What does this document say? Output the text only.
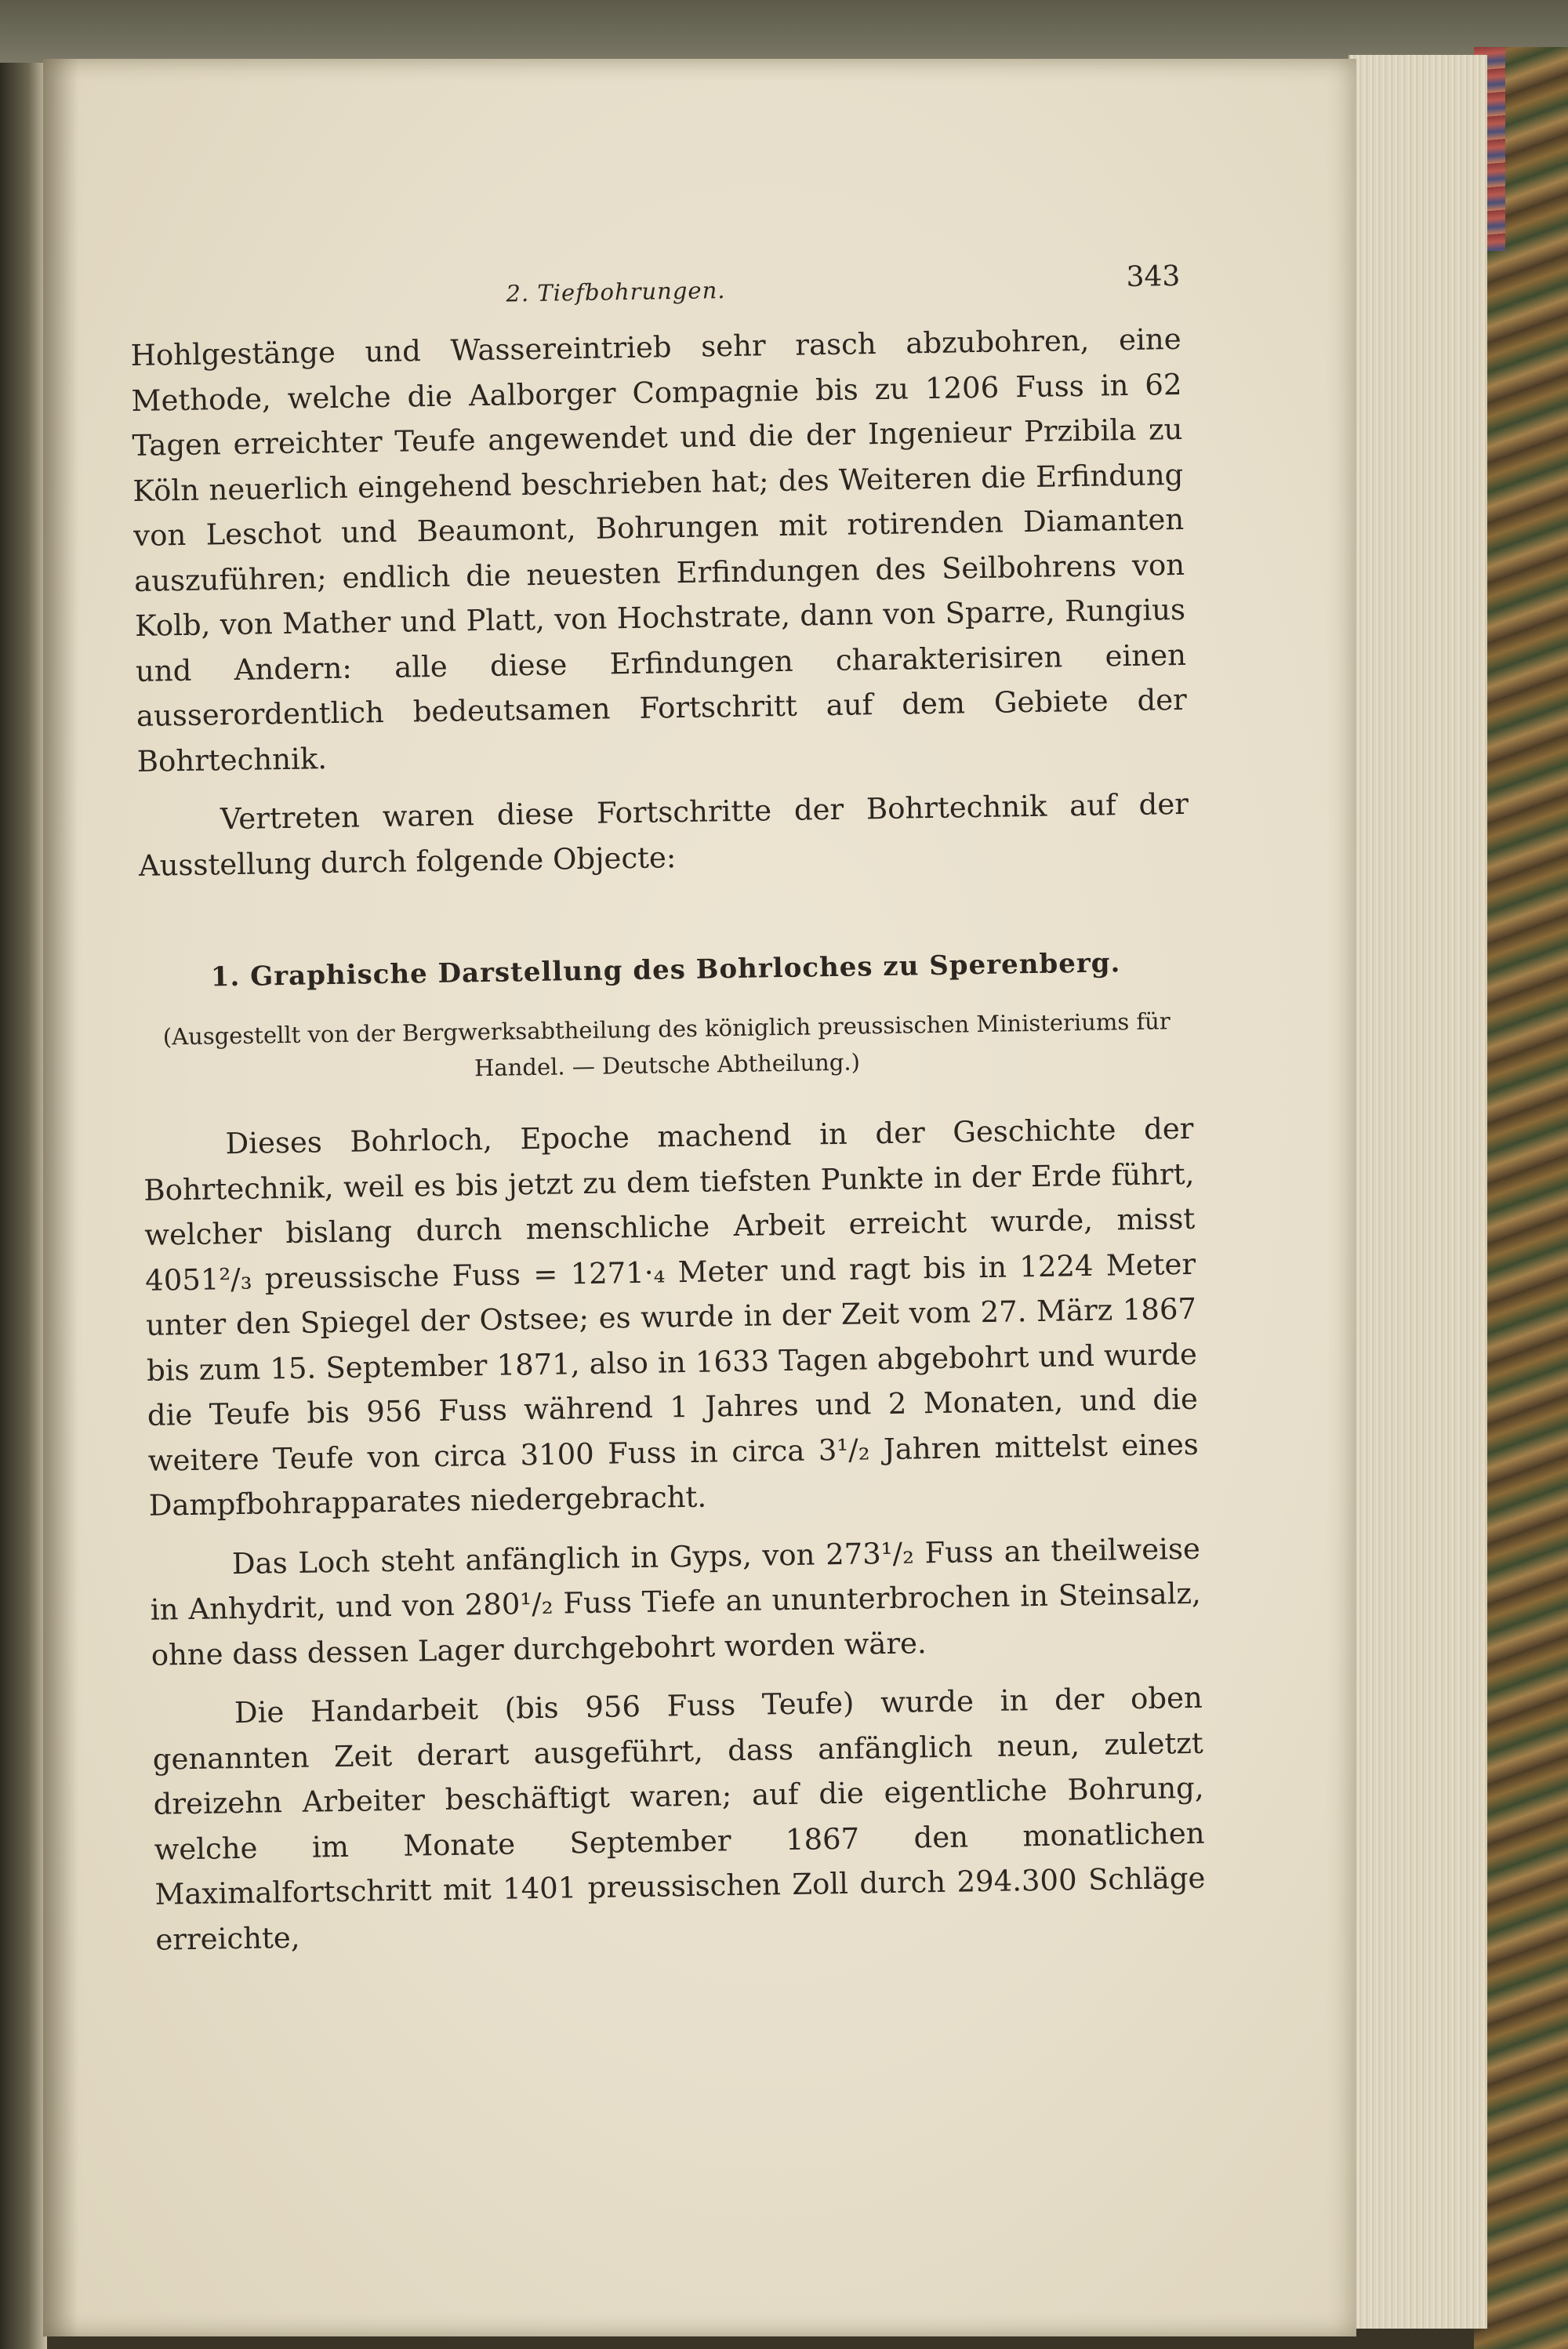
2. Tiefbohrungen.	343

Hohlgestänge und Wassereintrieb sehr rasch abzubohren, eine Methode, welche die Aalborger Compagnie bis zu 1206 Fuss in 62 Tagen erreichter Teufe angewendet und die der Ingenieur Przibila zu Köln neuerlich eingehend beschrieben hat; des Weiteren die Erfindung von Leschot und Beaumont, Bohrungen mit rotirenden Diamanten auszuführen; endlich die neuesten Erfindungen des Seilbohrens von Kolb, von Mather und Platt, von Hochstrate, dann von Sparre, Rungius und Andern: alle diese Erfindungen charakterisiren einen ausserordentlich bedeutsamen Fortschritt auf dem Gebiete der Bohrtechnik.

Vertreten waren diese Fortschritte der Bohrtechnik auf der Ausstellung durch folgende Objecte:

1. Graphische Darstellung des Bohrloches zu Sperenberg.

(Ausgestellt von der Bergwerksabtheilung des königlich preussischen Ministeriums für Handel. — Deutsche Abtheilung.)

Dieses Bohrloch, Epoche machend in der Geschichte der Bohrtechnik, weil es bis jetzt zu dem tiefsten Punkte in der Erde führt, welcher bislang durch menschliche Arbeit erreicht wurde, misst 4051²/₃ preussische Fuss = 1271·₄ Meter und ragt bis in 1224 Meter unter den Spiegel der Ostsee; es wurde in der Zeit vom 27. März 1867 bis zum 15. September 1871, also in 1633 Tagen abgebohrt und wurde die Teufe bis 956 Fuss während 1 Jahres und 2 Monaten, und die weitere Teufe von circa 3100 Fuss in circa 3¹/₂ Jahren mittelst eines Dampfbohrapparates niedergebracht.

Das Loch steht anfänglich in Gyps, von 273¹/₂ Fuss an theilweise in Anhydrit, und von 280¹/₂ Fuss Tiefe an ununterbrochen in Steinsalz, ohne dass dessen Lager durchgebohrt worden wäre.

Die Handarbeit (bis 956 Fuss Teufe) wurde in der oben genannten Zeit derart ausgeführt, dass anfänglich neun, zuletzt dreizehn Arbeiter beschäftigt waren; auf die eigentliche Bohrung, welche im Monate September 1867 den monatlichen Maximalfortschritt mit 1401 preussischen Zoll durch 294.300 Schläge erreichte,
